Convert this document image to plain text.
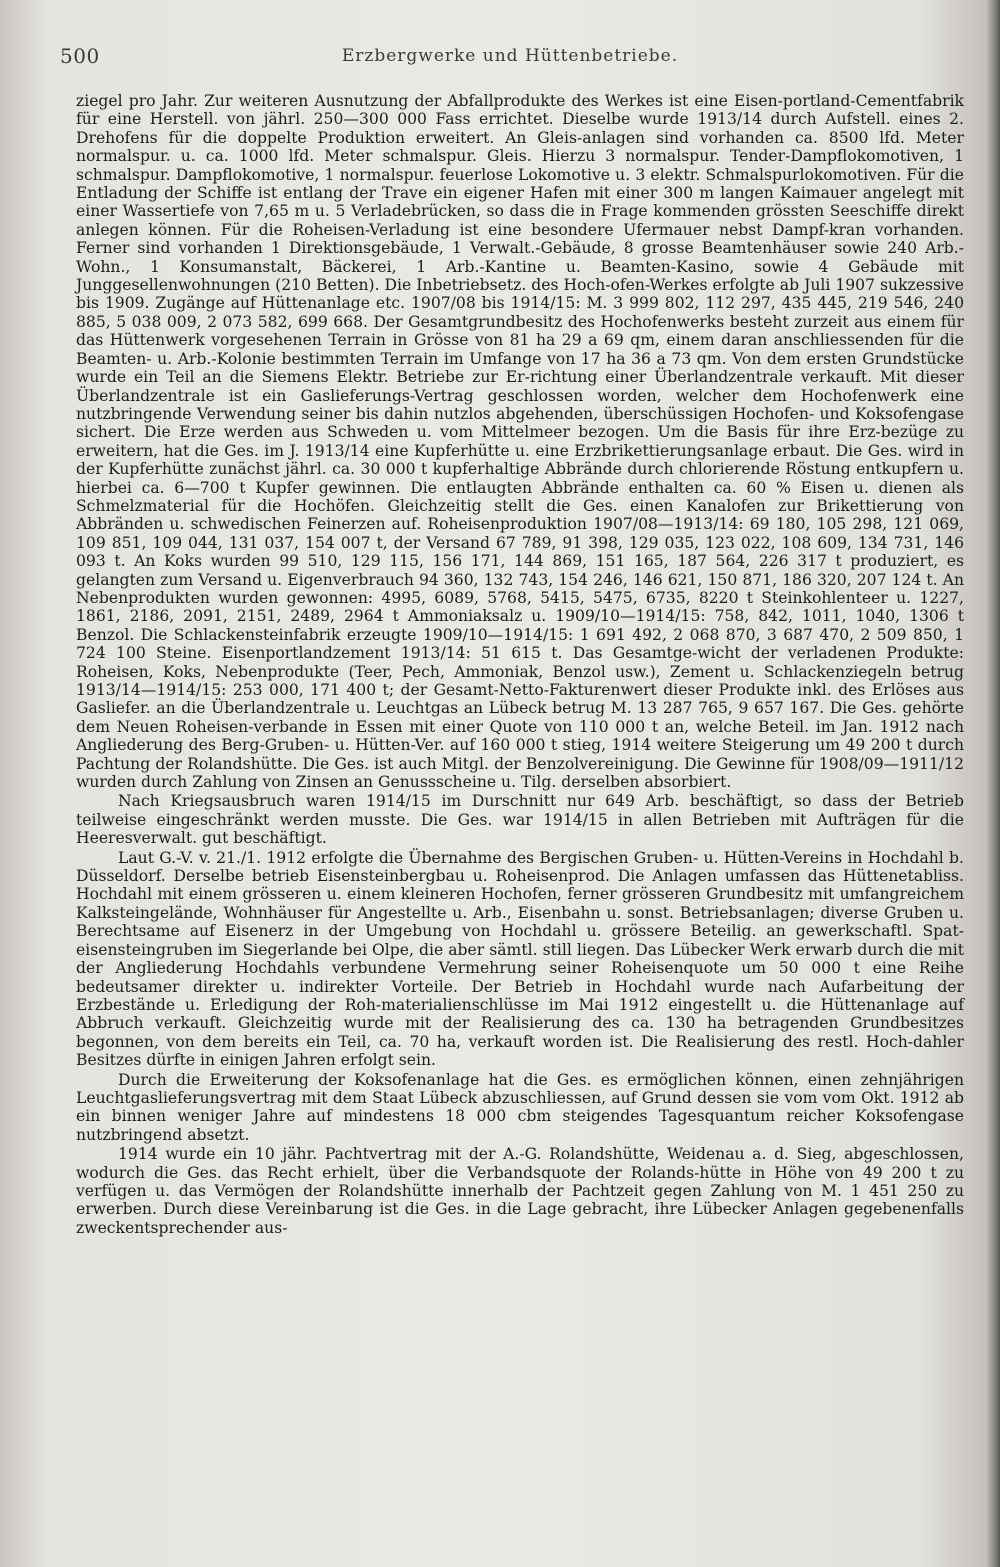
500	Erzbergwerke und Hüttenbetriebe.

ziegel pro Jahr. Zur weiteren Ausnutzung der Abfallprodukte des Werkes ist eine Eisen-portland-Cementfabrik für eine Herstell. von jährl. 250—300 000 Fass errichtet. Dieselbe wurde 1913/14 durch Aufstell. eines 2. Drehofens für die doppelte Produktion erweitert. An Gleis-anlagen sind vorhanden ca. 8500 lfd. Meter normalspur. u. ca. 1000 lfd. Meter schmalspur. Gleis. Hierzu 3 normalspur. Tender-Dampflokomotiven, 1 schmalspur. Dampflokomotive, 1 normalspur. feuerlose Lokomotive u. 3 elektr. Schmalspurlokomotiven. Für die Entladung der Schiffe ist entlang der Trave ein eigener Hafen mit einer 300 m langen Kaimauer angelegt mit einer Wassertiefe von 7,65 m u. 5 Verladebrücken, so dass die in Frage kommenden grössten Seeschiffe direkt anlegen können. Für die Roheisen-Verladung ist eine besondere Ufermauer nebst Dampf-kran vorhanden. Ferner sind vorhanden 1 Direktionsgebäude, 1 Verwalt.-Gebäude, 8 grosse Beamtenhäuser sowie 240 Arb.-Wohn., 1 Konsumanstalt, Bäckerei, 1 Arb.-Kantine u. Beamten-Kasino, sowie 4 Gebäude mit Junggesellenwohnungen (210 Betten). Die Inbetriebsetz. des Hoch-ofen-Werkes erfolgte ab Juli 1907 sukzessive bis 1909. Zugänge auf Hüttenanlage etc. 1907/08 bis 1914/15: M. 3 999 802, 112 297, 435 445, 219 546, 240 885, 5 038 009, 2 073 582, 699 668. Der Gesamtgrundbesitz des Hochofenwerks besteht zurzeit aus einem für das Hüttenwerk vorgesehenen Terrain in Grösse von 81 ha 29 a 69 qm, einem daran anschliessenden für die Beamten- u. Arb.-Kolonie bestimmten Terrain im Umfange von 17 ha 36 a 73 qm. Von dem ersten Grundstücke wurde ein Teil an die Siemens Elektr. Betriebe zur Er-richtung einer Überlandzentrale verkauft. Mit dieser Überlandzentrale ist ein Gaslieferungs-Vertrag geschlossen worden, welcher dem Hochofenwerk eine nutzbringende Verwendung seiner bis dahin nutzlos abgehenden, überschüssigen Hochofen- und Koksofengase sichert. Die Erze werden aus Schweden u. vom Mittelmeer bezogen. Um die Basis für ihre Erz-bezüge zu erweitern, hat die Ges. im J. 1913/14 eine Kupferhütte u. eine Erzbrikettierungsanlage erbaut. Die Ges. wird in der Kupferhütte zunächst jährl. ca. 30 000 t kupferhaltige Abbrände durch chlorierende Röstung entkupfern u. hierbei ca. 6—700 t Kupfer gewinnen. Die entlaugten Abbrände enthalten ca. 60 % Eisen u. dienen als Schmelzmaterial für die Hochöfen. Gleichzeitig stellt die Ges. einen Kanalofen zur Brikettierung von Abbränden u. schwedischen Feinerzen auf. Roheisenproduktion 1907/08—1913/14: 69 180, 105 298, 121 069, 109 851, 109 044, 131 037, 154 007 t, der Versand 67 789, 91 398, 129 035, 123 022, 108 609, 134 731, 146 093 t. An Koks wurden 99 510, 129 115, 156 171, 144 869, 151 165, 187 564, 226 317 t produziert, es gelangten zum Versand u. Eigenverbrauch 94 360, 132 743, 154 246, 146 621, 150 871, 186 320, 207 124 t. An Nebenprodukten wurden gewonnen: 4995, 6089, 5768, 5415, 5475, 6735, 8220 t Steinkohlenteer u. 1227, 1861, 2186, 2091, 2151, 2489, 2964 t Ammoniaksalz u. 1909/10—1914/15: 758, 842, 1011, 1040, 1306 t Benzol. Die Schlackensteinfabrik erzeugte 1909/10—1914/15: 1 691 492, 2 068 870, 3 687 470, 2 509 850, 1 724 100 Steine. Eisenportlandzement 1913/14: 51 615 t. Das Gesamtge-wicht der verladenen Produkte: Roheisen, Koks, Nebenprodukte (Teer, Pech, Ammoniak, Benzol usw.), Zement u. Schlackenziegeln betrug 1913/14—1914/15: 253 000, 171 400 t; der Gesamt-Netto-Fakturenwert dieser Produkte inkl. des Erlöses aus Gasliefer. an die Überlandzentrale u. Leuchtgas an Lübeck betrug M. 13 287 765, 9 657 167. Die Ges. gehörte dem Neuen Roheisen-verbande in Essen mit einer Quote von 110 000 t an, welche Beteil. im Jan. 1912 nach Angliederung des Berg-Gruben- u. Hütten-Ver. auf 160 000 t stieg, 1914 weitere Steigerung um 49 200 t durch Pachtung der Rolandshütte. Die Ges. ist auch Mitgl. der Benzolvereinigung. Die Gewinne für 1908/09—1911/12 wurden durch Zahlung von Zinsen an Genussscheine u. Tilg. derselben absorbiert.

Nach Kriegsausbruch waren 1914/15 im Durschnitt nur 649 Arb. beschäftigt, so dass der Betrieb teilweise eingeschränkt werden musste. Die Ges. war 1914/15 in allen Betrieben mit Aufträgen für die Heeresverwalt. gut beschäftigt.

Laut G.-V. v. 21./1. 1912 erfolgte die Übernahme des Bergischen Gruben- u. Hütten-Vereins in Hochdahl b. Düsseldorf. Derselbe betrieb Eisensteinbergbau u. Roheisenprod. Die Anlagen umfassen das Hüttenetabliss. Hochdahl mit einem grösseren u. einem kleineren Hochofen, ferner grösseren Grundbesitz mit umfangreichem Kalksteingelände, Wohnhäuser für Angestellte u. Arb., Eisenbahn u. sonst. Betriebsanlagen; diverse Gruben u. Berechtsame auf Eisenerz in der Umgebung von Hochdahl u. grössere Beteilig. an gewerkschaftl. Spat-eisensteingruben im Siegerlande bei Olpe, die aber sämtl. still liegen. Das Lübecker Werk erwarb durch die mit der Angliederung Hochdahls verbundene Vermehrung seiner Roheisenquote um 50 000 t eine Reihe bedeutsamer direkter u. indirekter Vorteile. Der Betrieb in Hochdahl wurde nach Aufarbeitung der Erzbestände u. Erledigung der Roh-materialienschlüsse im Mai 1912 eingestellt u. die Hüttenanlage auf Abbruch verkauft. Gleichzeitig wurde mit der Realisierung des ca. 130 ha betragenden Grundbesitzes begonnen, von dem bereits ein Teil, ca. 70 ha, verkauft worden ist. Die Realisierung des restl. Hoch-dahler Besitzes dürfte in einigen Jahren erfolgt sein.

Durch die Erweiterung der Koksofenanlage hat die Ges. es ermöglichen können, einen zehnjährigen Leuchtgaslieferungsvertrag mit dem Staat Lübeck abzuschliessen, auf Grund dessen sie vom vom Okt. 1912 ab ein binnen weniger Jahre auf mindestens 18 000 cbm steigendes Tagesquantum reicher Koksofengase nutzbringend absetzt.

1914 wurde ein 10 jähr. Pachtvertrag mit der A.-G. Rolandshütte, Weidenau a. d. Sieg, abgeschlossen, wodurch die Ges. das Recht erhielt, über die Verbandsquote der Rolands-hütte in Höhe von 49 200 t zu verfügen u. das Vermögen der Rolandshütte innerhalb der Pachtzeit gegen Zahlung von M. 1 451 250 zu erwerben. Durch diese Vereinbarung ist die Ges. in die Lage gebracht, ihre Lübecker Anlagen gegebenenfalls zweckentsprechender aus-
